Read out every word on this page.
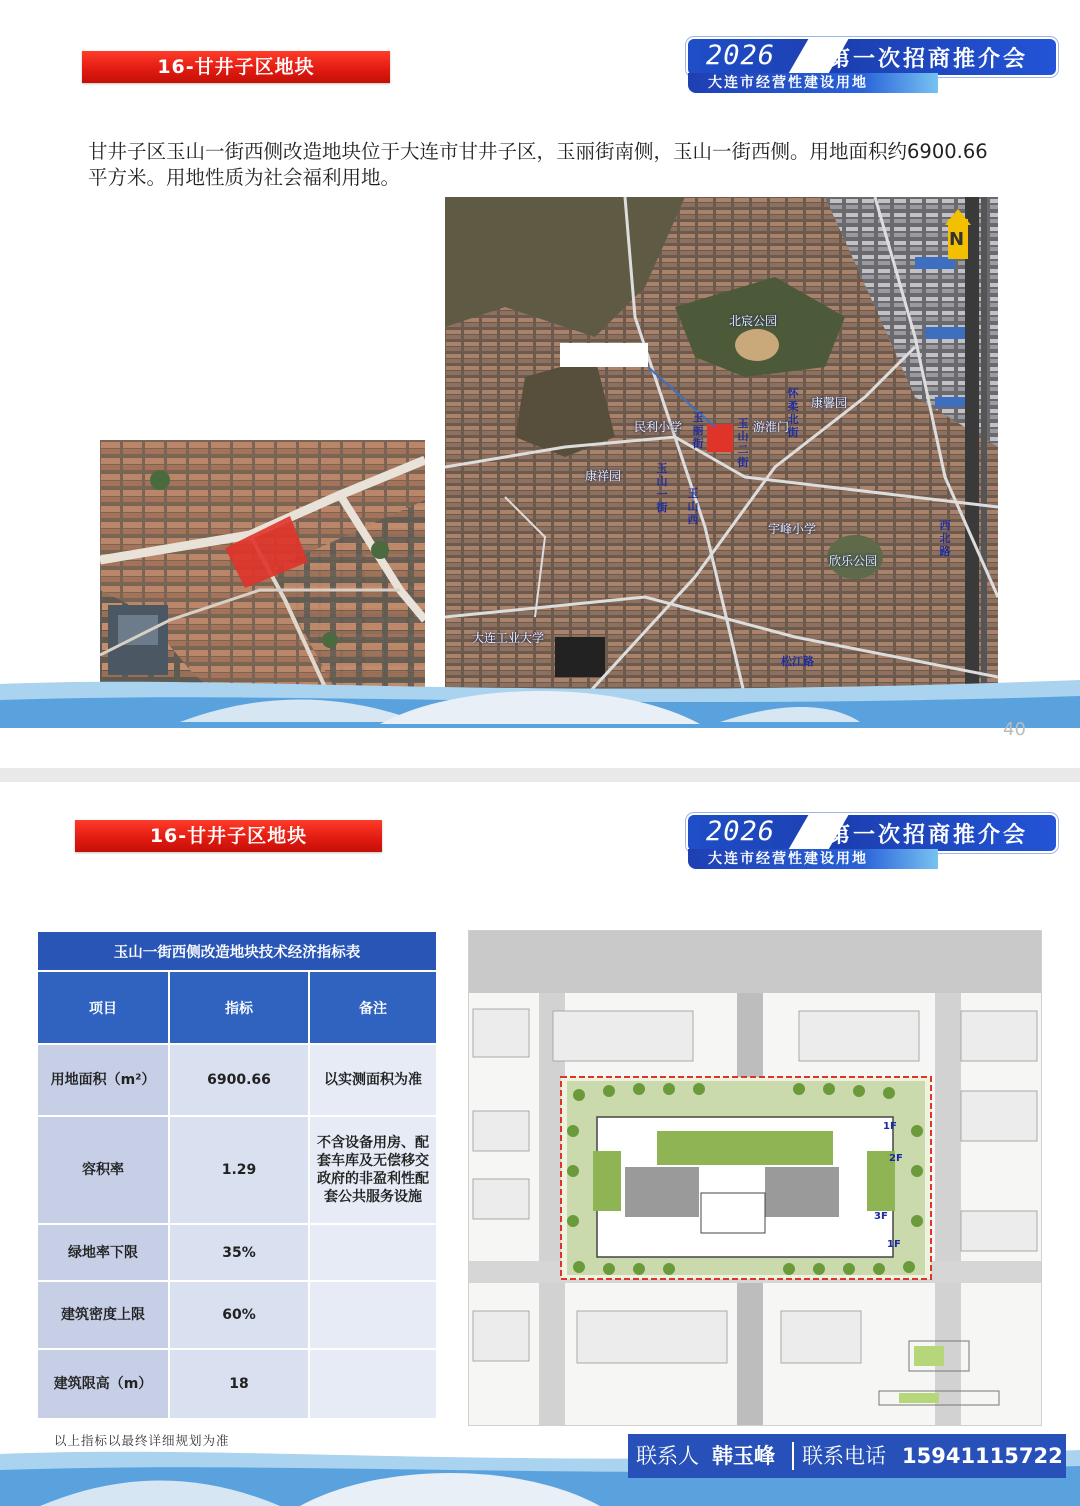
16-甘井子区地块	2026 第一次招商推介会
大连市经营性建设用地
甘井子区玉山一街西侧改造地块位于大连市甘井子区，玉丽街南侧，玉山一街西侧。用地面积约6900.66平方米。用地性质为社会福利用地。
N
北宸公园
康馨园
民利小学	游淮门
康祥园
宇峰小学
欣乐公园
大连工业大学
玉丽街
玉山一街
玉山二街
玉山西
怀柔北街
西北路
松江路
40
16-甘井子区地块	2026 第一次招商推介会
大连市经营性建设用地
玉山一街西侧改造地块技术经济指标表		
项目	指标	备注
用地面积（m²）	6900.66	以实测面积为准
容积率	1.29	不含设备用房、配套车库及无偿移交政府的非盈利性配套公共服务设施
绿地率下限	35%	
建筑密度上限	60%	
建筑限高（m）	18	
以上指标以最终详细规划为准
1F
2F
3F
1F
联系人 韩玉峰 联系电话 15941115722
